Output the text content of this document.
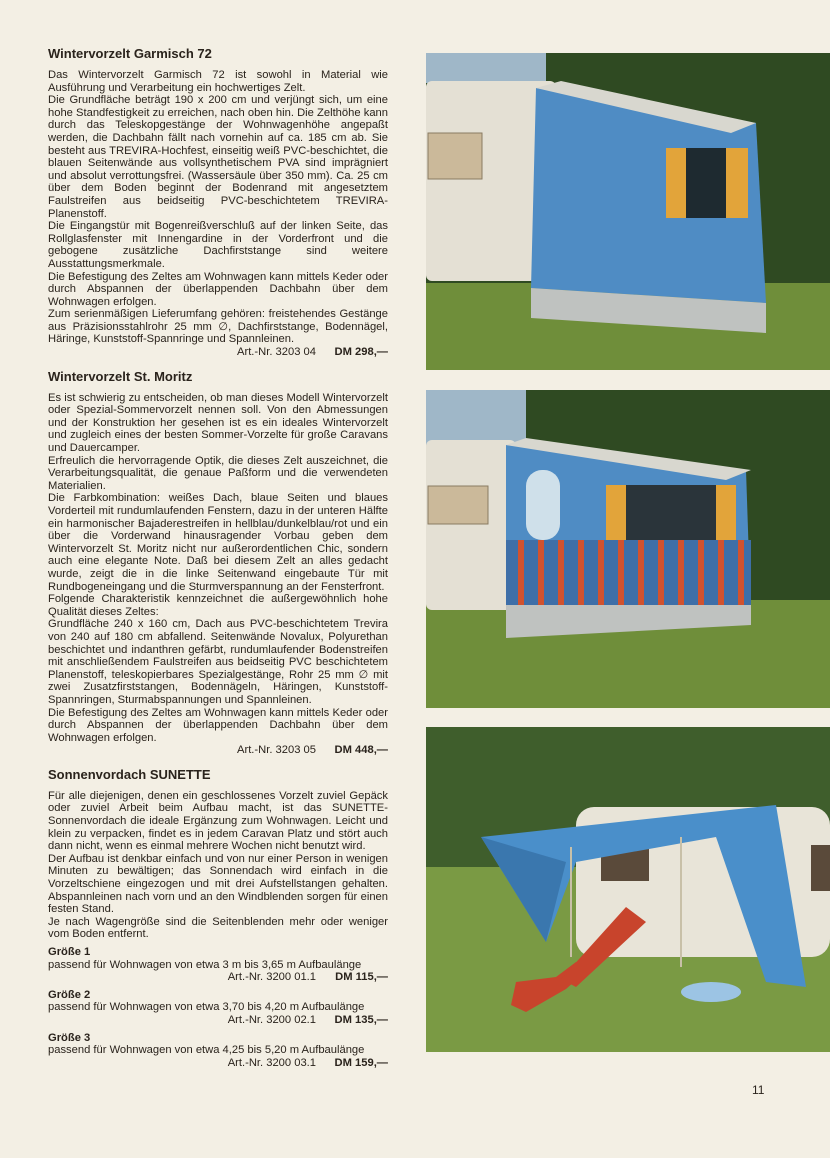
Wintervorzelt Garmisch 72

Das Wintervorzelt Garmisch 72 ist sowohl in Material wie Ausführung und Verarbeitung ein hochwertiges Zelt.

Die Grundfläche beträgt 190 x 200 cm und verjüngt sich, um eine hohe Standfestigkeit zu erreichen, nach oben hin. Die Zelthöhe kann durch das Teleskopgestänge der Wohnwagenhöhe angepaßt werden, die Dachbahn fällt nach vornehin auf ca. 185 cm ab. Sie besteht aus TREVIRA-Hochfest, einseitig weiß PVC-beschichtet, die blauen Seitenwände aus vollsynthetischem PVA sind imprägniert und absolut verrottungsfrei. (Wassersäule über 350 mm). Ca. 25 cm über dem Boden beginnt der Bodenrand mit angesetztem Faulstreifen aus beidseitig PVC-beschichtetem TREVIRA-Planenstoff.

Die Eingangstür mit Bogenreißverschluß auf der linken Seite, das Rollglasfenster mit Innengardine in der Vorderfront und die gebogene zusätzliche Dachfirststange sind weitere Ausstattungsmerkmale.

Die Befestigung des Zeltes am Wohnwagen kann mittels Keder oder durch Abspannen der überlappenden Dachbahn über dem Wohnwagen erfolgen.

Zum serienmäßigen Lieferumfang gehören: freistehendes Gestänge aus Präzisionsstahlrohr 25 mm ∅, Dachfirststange, Bodennägel, Häringe, Kunststoff-Spannringe und Spannleinen.

Art.-Nr. 3203 04 DM 298,—
Wintervorzelt St. Moritz

Es ist schwierig zu entscheiden, ob man dieses Modell Wintervorzelt oder Spezial-Sommervorzelt nennen soll. Von den Abmessungen und der Konstruktion her gesehen ist es ein ideales Wintervorzelt und zugleich eines der besten Sommer-Vorzelte für große Caravans und Dauercamper.

Erfreulich die hervorragende Optik, die dieses Zelt auszeichnet, die Verarbeitungsqualität, die genaue Paßform und die verwendeten Materialien.

Die Farbkombination: weißes Dach, blaue Seiten und blaues Vorderteil mit rundumlaufenden Fenstern, dazu in der unteren Hälfte ein harmonischer Bajaderestreifen in hellblau/dunkelblau/rot und ein über die Vorderwand hinausragender Vorbau geben dem Wintervorzelt St. Moritz nicht nur außerordentlichen Chic, sondern auch eine elegante Note. Daß bei diesem Zelt an alles gedacht wurde, zeigt die in die linke Seitenwand eingebaute Tür mit Rundbogeneingang und die Sturmverspannung an der Fensterfront.

Folgende Charakteristik kennzeichnet die außergewöhnlich hohe Qualität dieses Zeltes:

Grundfläche 240 x 160 cm, Dach aus PVC-beschichtetem Trevira von 240 auf 180 cm abfallend. Seitenwände Novalux, Polyurethan beschichtet und indanthren gefärbt, rundumlaufender Bodenstreifen mit anschließendem Faulstreifen aus beidseitig PVC beschichtetem Planenstoff, teleskopierbares Spezialgestänge, Rohr 25 mm ∅ mit zwei Zusatzfirststangen, Bodennägeln, Häringen, Kunststoff-Spannringen, Sturmabspannungen und Spannleinen.

Die Befestigung des Zeltes am Wohnwagen kann mittels Keder oder durch Abspannen der überlappenden Dachbahn über dem Wohnwagen erfolgen.

Art.-Nr. 3203 05 DM 448,—
Sonnenvordach SUNETTE

Für alle diejenigen, denen ein geschlossenes Vorzelt zuviel Gepäck oder zuviel Arbeit beim Aufbau macht, ist das SUNETTE-Sonnenvordach die ideale Ergänzung zum Wohnwagen. Leicht und klein zu verpacken, findet es in jedem Caravan Platz und stört auch dann nicht, wenn es einmal mehrere Wochen nicht benutzt wird.

Der Aufbau ist denkbar einfach und von nur einer Person in wenigen Minuten zu bewältigen; das Sonnendach wird einfach in die Vorzeltschiene eingezogen und mit drei Aufstellstangen gehalten. Abspannleinen nach vorn und an den Windblenden sorgen für einen festen Stand.

Je nach Wagengröße sind die Seitenblenden mehr oder weniger vom Boden entfernt.

Größe 1
passend für Wohnwagen von etwa 3 m bis 3,65 m Aufbaulänge
Art.-Nr. 3200 01.1 DM 115,—
Größe 2
passend für Wohnwagen von etwa 3,70 bis 4,20 m Aufbaulänge
Art.-Nr. 3200 02.1 DM 135,—
Größe 3
passend für Wohnwagen von etwa 4,25 bis 5,20 m Aufbaulänge
Art.-Nr. 3200 03.1 DM 159,—
11
